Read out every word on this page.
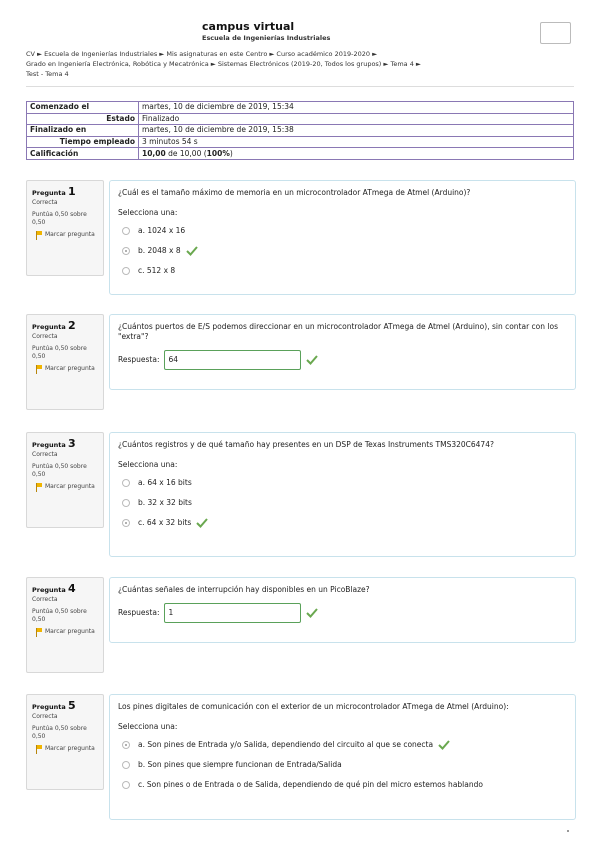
campus virtual
Escuela de Ingenierías Industriales
CV ► Escuela de Ingenierías Industriales ► Mis asignaturas en este Centro ► Curso académico 2019-2020 ►
Grado en Ingeniería Electrónica, Robótica y Mecatrónica ► Sistemas Electrónicos (2019-20, Todos los grupos) ► Tema 4 ►
Test - Tema 4
Comenzado el	martes, 10 de diciembre de 2019, 15:34
Estado	Finalizado
Finalizado en	martes, 10 de diciembre de 2019, 15:38
Tiempo empleado	3 minutos 54 s
Calificación	10,00 de 10,00 (100%)
Pregunta 1
Correcta
Puntúa 0,50 sobre 0,50
Marcar pregunta
¿Cuál es el tamaño máximo de memoria en un microcontrolador ATmega de Atmel (Arduino)?
Selecciona una:
a. 1024 x 16
b. 2048 x 8
c. 512 x 8
Pregunta 2
Correcta
Puntúa 0,50 sobre 0,50
Marcar pregunta
¿Cuántos puertos de E/S podemos direccionar en un microcontrolador ATmega de Atmel (Arduino), sin contar con los "extra"?
Respuesta:	64
Pregunta 3
Correcta
Puntúa 0,50 sobre 0,50
Marcar pregunta
¿Cuántos registros y de qué tamaño hay presentes en un DSP de Texas Instruments TMS320C6474?
Selecciona una:
a. 64 x 16 bits
b. 32 x 32 bits
c. 64 x 32 bits
Pregunta 4
Correcta
Puntúa 0,50 sobre 0,50
Marcar pregunta
¿Cuántas señales de interrupción hay disponibles en un PicoBlaze?
Respuesta:	1
Pregunta 5
Correcta
Puntúa 0,50 sobre 0,50
Marcar pregunta
Los pines digitales de comunicación con el exterior de un microcontrolador ATmega de Atmel (Arduino):
Selecciona una:
a. Son pines de Entrada y/o Salida, dependiendo del circuito al que se conecta
b. Son pines que siempre funcionan de Entrada/Salida
c. Son pines o de Entrada o de Salida, dependiendo de qué pin del micro estemos hablando
